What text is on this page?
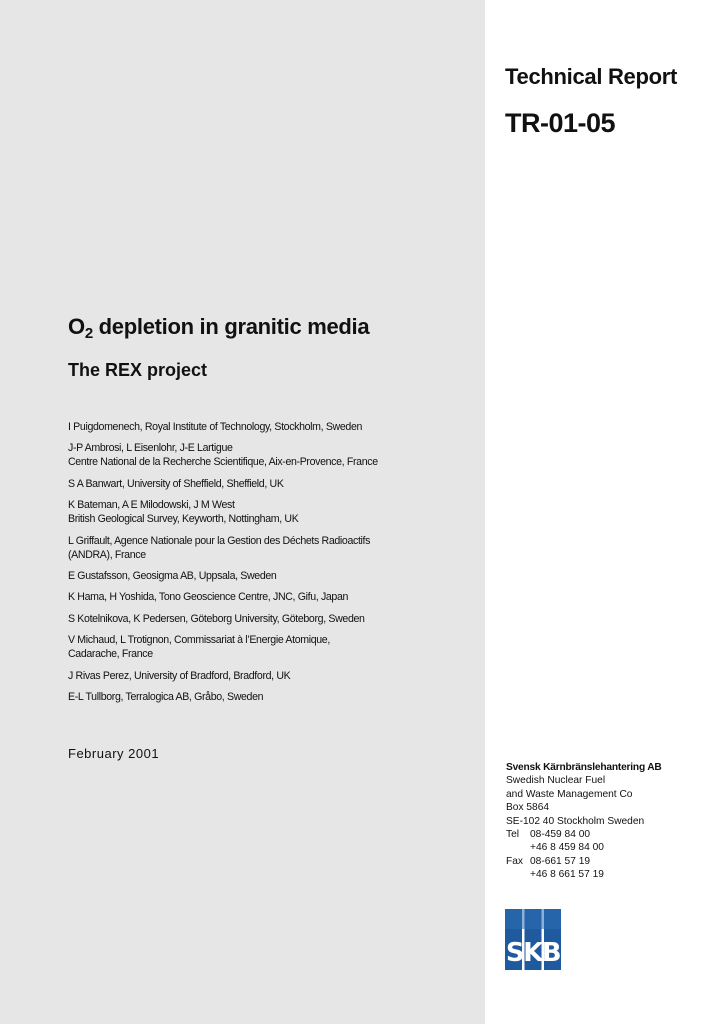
Technical Report
TR-01-05
$O_2$ depletion in granitic media
The REX project
I Puigdomenech, Royal Institute of Technology, Stockholm, Sweden
J-P Ambrosi, L Eisenlohr, J-E Lartigue
Centre National de la Recherche Scientifique, Aix-en-Provence, France
S A Banwart, University of Sheffield, Sheffield, UK
K Bateman, A E Milodowski, J M West
British Geological Survey, Keyworth, Nottingham, UK
L Griffault, Agence Nationale pour la Gestion des Déchets Radioactifs
(ANDRA), France
E Gustafsson, Geosigma AB, Uppsala, Sweden
K Hama, H Yoshida, Tono Geoscience Centre, JNC, Gifu, Japan
S Kotelnikova, K Pedersen, Göteborg University, Göteborg, Sweden
V Michaud, L Trotignon, Commissariat à l’Energie Atomique,
Cadarache, France
J Rivas Perez, University of Bradford, Bradford, UK
E-L Tullborg, Terralogica AB, Gråbo, Sweden
February 2001
Svensk Kärnbränslehantering AB
Swedish Nuclear Fuel
and Waste Management Co
Box 5864
SE-102 40 Stockholm Sweden
Tel 08-459 84 00
+46 8 459 84 00
Fax 08-661 57 19
+46 8 661 57 19
SKB
